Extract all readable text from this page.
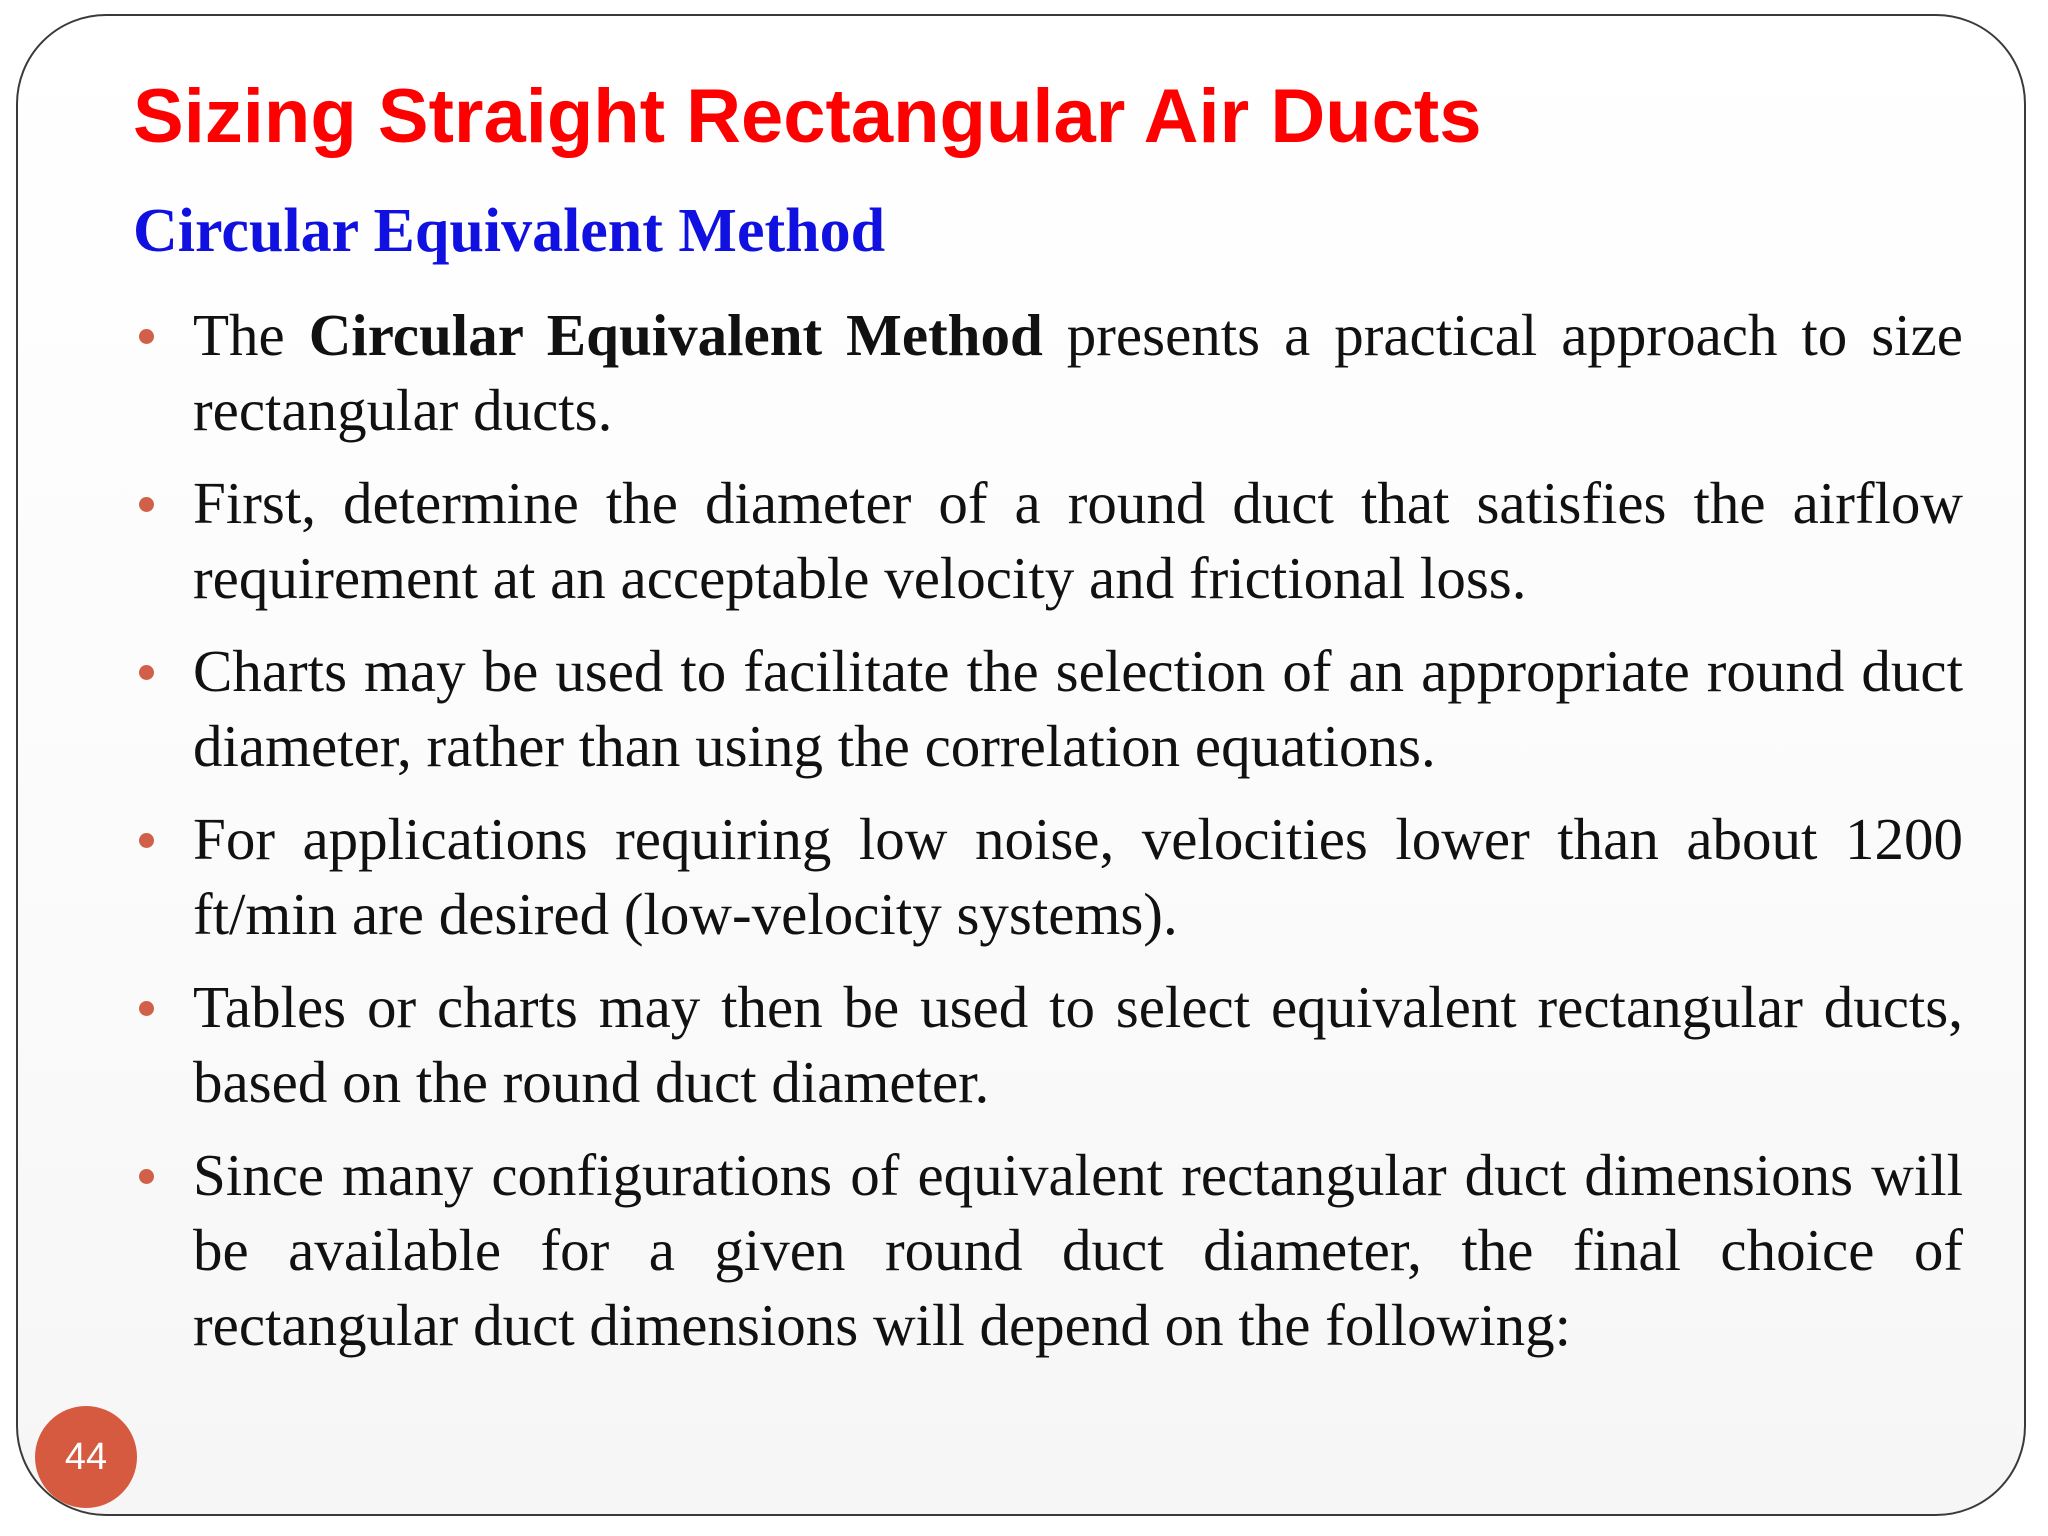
Sizing Straight Rectangular Air Ducts
Circular Equivalent Method
The Circular Equivalent Method presents a practical approach to size rectangular ducts.
First, determine the diameter of a round duct that satisfies the airflow requirement at an acceptable velocity and frictional loss.
Charts may be used to facilitate the selection of an appropriate round duct diameter, rather than using the correlation equations.
For applications requiring low noise, velocities lower than about 1200 ft/min are desired (low-velocity systems).
Tables or charts may then be used to select equivalent rectangular ducts, based on the round duct diameter.
Since many configurations of equivalent rectangular duct dimensions will be available for a given round duct diameter, the final choice of rectangular duct dimensions will depend on the following:
44
